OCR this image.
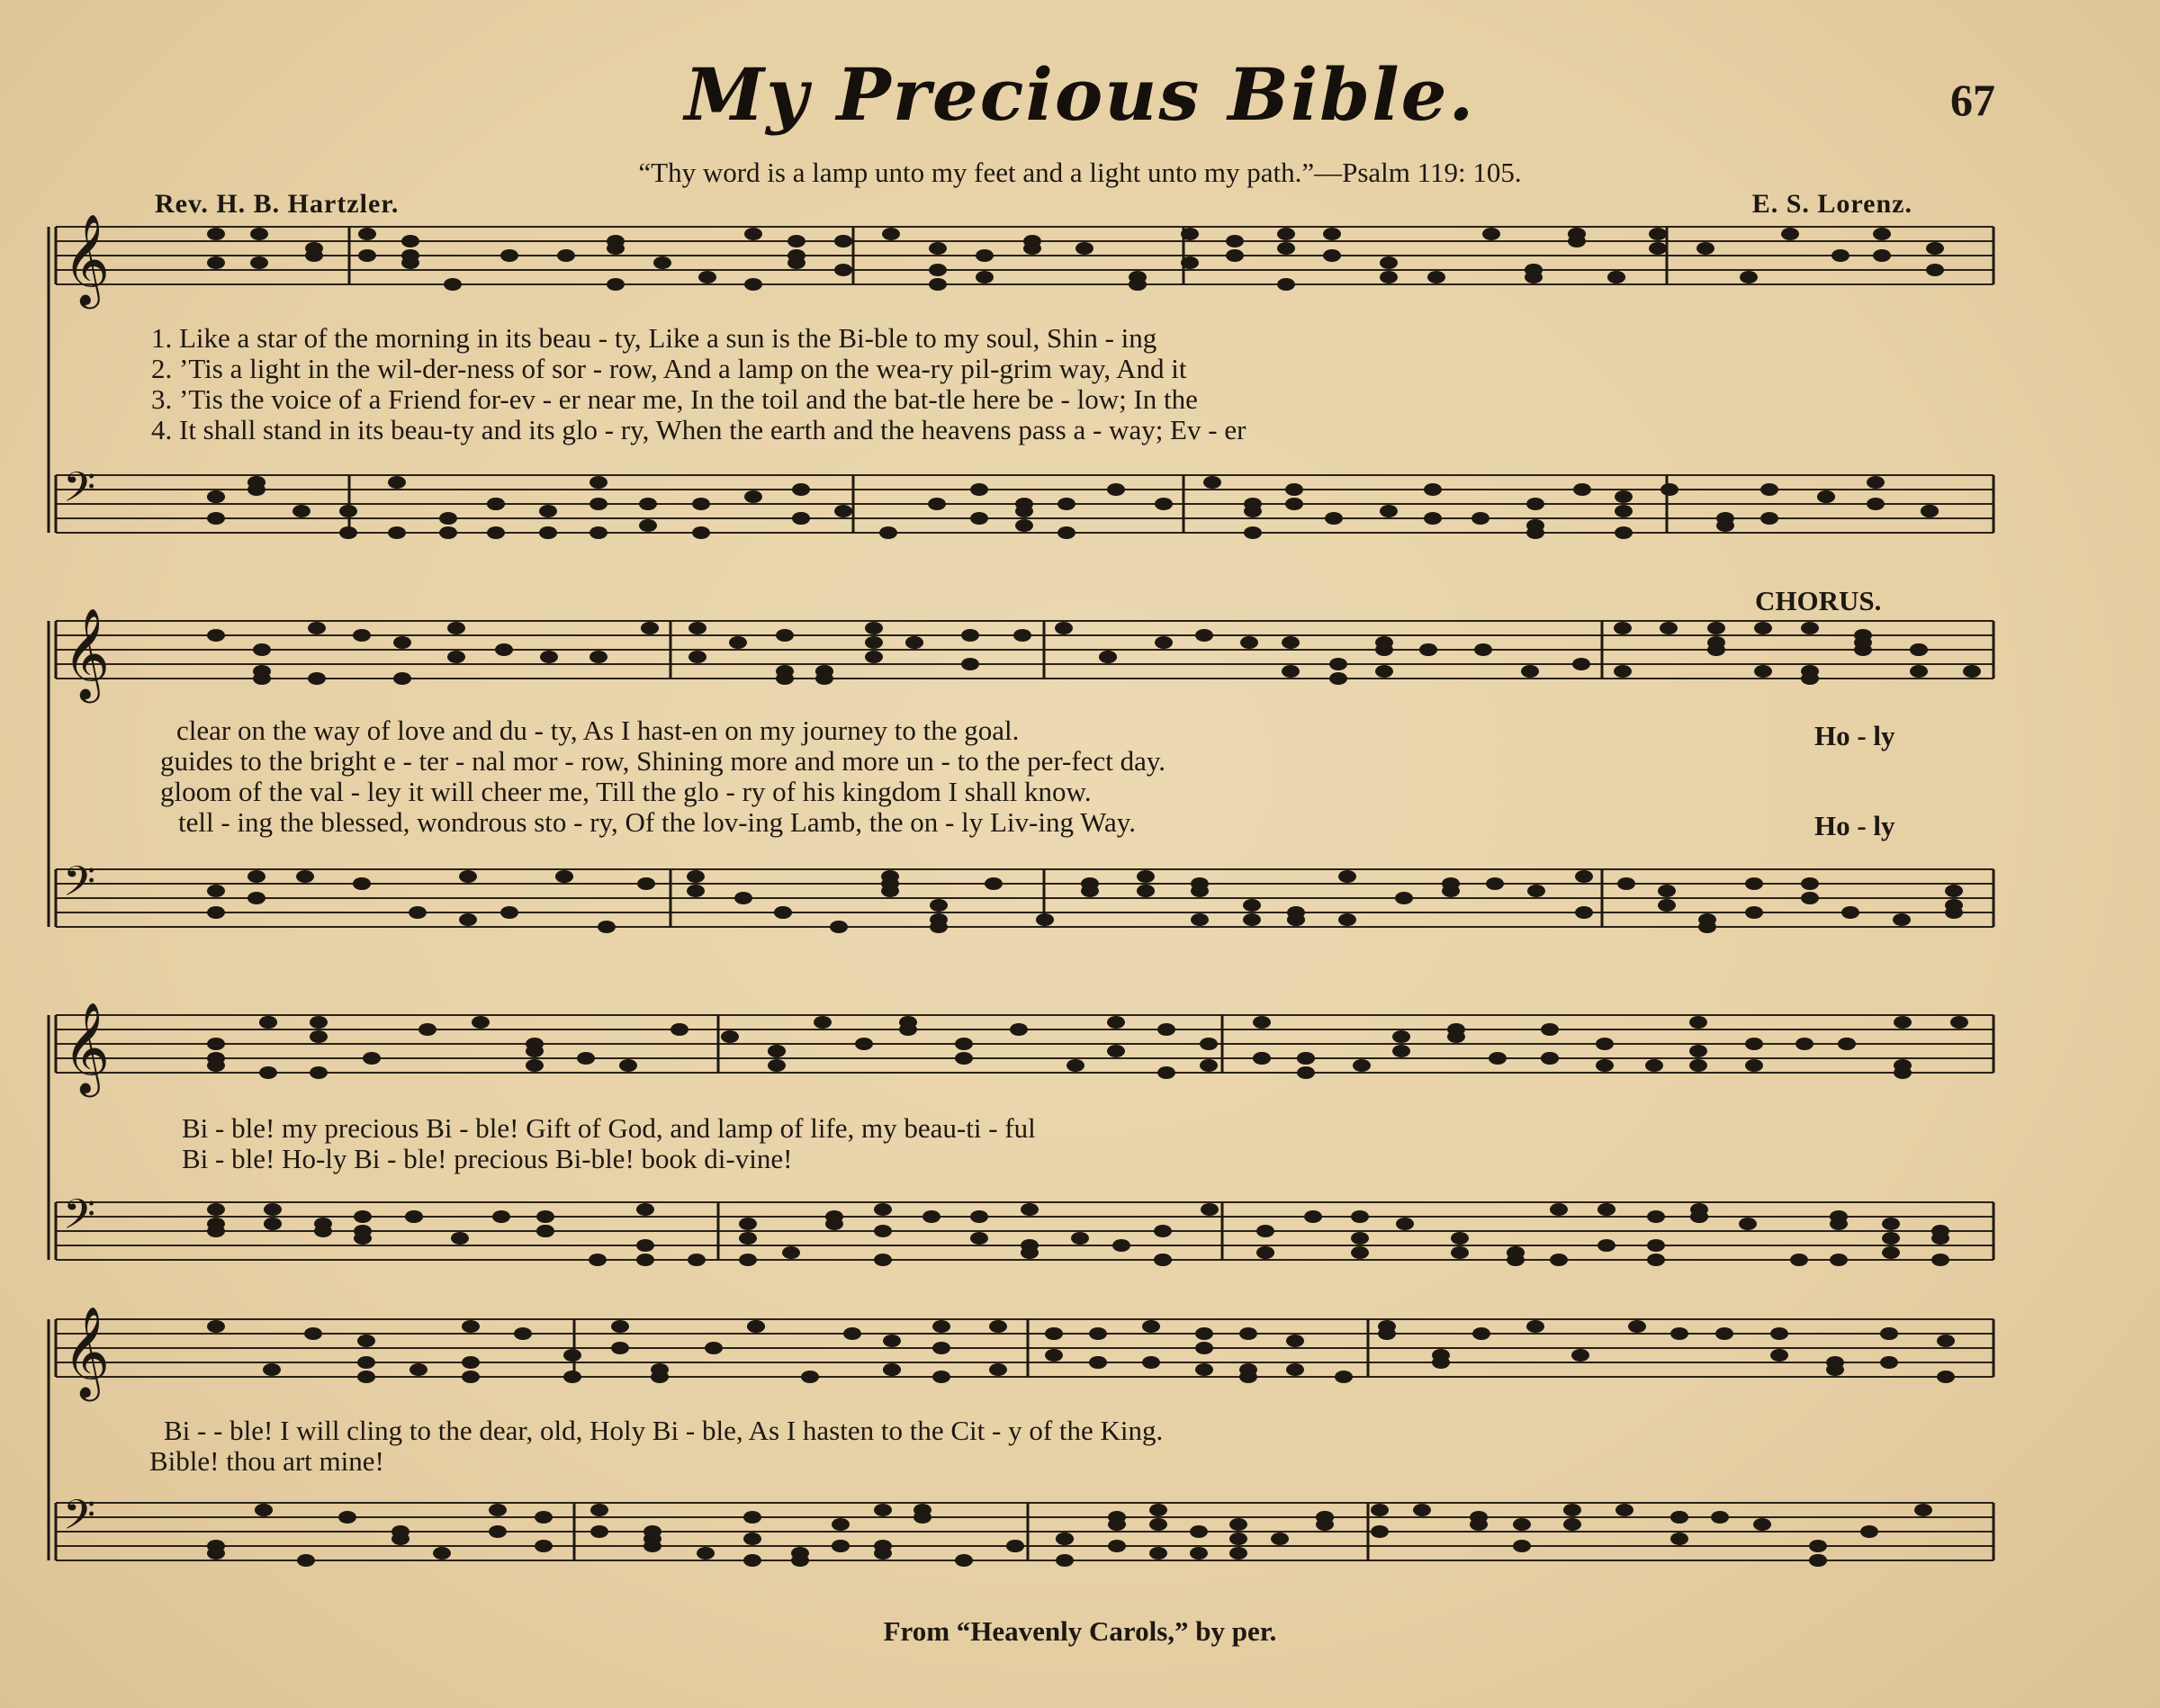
My Precious Bible.	67
“Thy word is a lamp unto my feet and a light unto my path.”—Psalm 119: 105.
Rev. H. B. Hartzler.	E. S. Lorenz.
𝄞
𝄢
𝄞
𝄢
𝄞
𝄢
𝄞
𝄢
1. Like a star of the morning in its beau - ty, Like a sun is the Bi-ble to my soul, Shin - ing
2. ’Tis a light in the wil-der-ness of sor - row, And a lamp on the wea-ry pil-grim way, And it
3. ’Tis the voice of a Friend for-ev - er near me, In the toil and the bat-tle here be - low; In the
4. It shall stand in its beau-ty and its glo - ry, When the earth and the heavens pass a - way; Ev - er
CHORUS.
clear on the way of love and du - ty, As I hast-en on my journey to the goal.
guides to the bright e - ter - nal mor - row, Shining more and more un - to the per-fect day.
gloom of the val - ley it will cheer me, Till the glo - ry of his kingdom I shall know.
tell - ing the blessed, wondrous sto - ry, Of the lov-ing Lamb, the on - ly Liv-ing Way.
Ho - ly
Ho - ly
Bi - ble! my precious Bi - ble! Gift of God, and lamp of life, my beau-ti - ful
Bi - ble! Ho-ly Bi - ble! precious Bi-ble! book di-vine!
Bi - - ble! I will cling to the dear, old, Holy Bi - ble, As I hasten to the Cit - y of the King.
Bible! thou art mine!
From “Heavenly Carols,” by per.
